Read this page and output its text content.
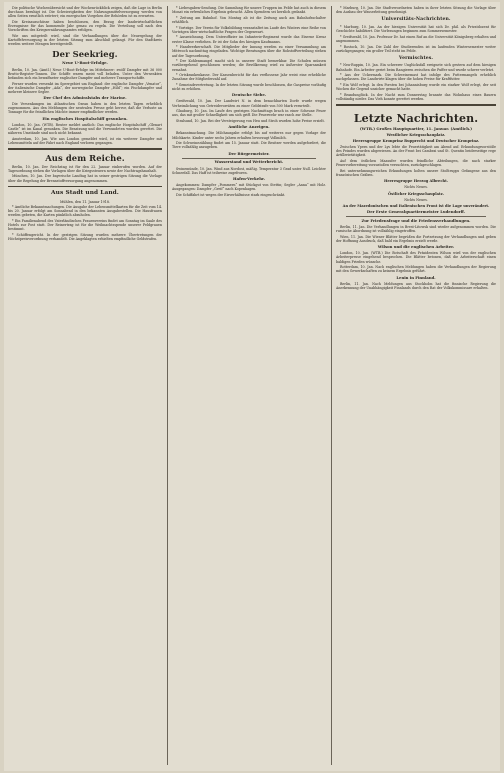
Die politische Wochenübersicht und der Wochenrückblick zeigen, daß die Lage in Berlin durchaus beruhigt ist. Die Schwierigkeiten der Nahrungsmittelversorgung werden von allen Seiten ernstlich erörtert; ein energisches Vorgehen der Behörden ist zu erwarten.

Die Kreisausschüsse haben beschlossen, den Bezug der landwirtschaftlichen Erzeugnisse für das kommende Jahr genau zu regeln. Die Verteilung soll nach den Vorschriften des Kriegsernährungsamtes erfolgen.

Wie uns mitgeteilt wird, sind die Verhandlungen über die Neuregelung der Kartoffelversorgung in der letzten Sitzung zum Abschluß gelangt. Für den Stadtkreis werden weitere Mengen bereitgestellt.

Der Seekrieg.
Neue U-Boot-Erfolge.

Berlin, 10. Jan. (Amtl.) Neue U-Boot-Erfolge im Mittelmeer: zwölf Dampfer mit 36 000 Brutto-Register-Tonnen. Die Schiffe waren meist voll beladen. Unter den Versenkten befanden sich ein bewaffneter englischer Dampfer und mehrere Transportschiffe.

Ferner wurden versenkt im Sperrgebiet um England: der englische Dampfer „Venator“, der italienische Dampfer „Ada“, der norwegische Dampfer „Hild“; ein Fischdampfer und mehrere kleinere Segler.

Der Chef des Admiralstabs der Marine.

Die Versenkungen im Atlantischen Ozean haben in den letzten Tagen erheblich zugenommen. Aus den Meldungen der neutralen Presse geht hervor, daß die Verluste an Tonnage für die feindlichen Mächte immer empfindlicher werden.

Ein englisches Hospitalschiff gesunken.

London, 10. Jan. (WTB). Reuter meldet amtlich: Das englische Hospitalschiff „Glenart Castle“ ist im Kanal gesunken. Die Besatzung und die Verwundeten wurden gerettet. Die näheren Umstände sind noch nicht bekannt.

Amsterdam, 10. Jan. Wie aus London gemeldet wird, ist ein weiterer Dampfer mit Lebensmitteln auf der Fahrt nach England verloren gegangen.

Aus dem Reiche.

Berlin, 10. Jan. Der Reichstag ist für den 22. Januar einberufen worden. Auf der Tagesordnung stehen die Vorlagen über die Kriegssteuern sowie der Nachtragshaushalt.

München, 10. Jan. Der bayerische Landtag hat in seiner gestrigen Sitzung die Vorlage über die Regelung der Brennstoffversorgung angenommen.

Aus Stadt und Land.
Mühlen, den 11. Januar 1918.

* Amtliche Bekanntmachungen. Die Ausgabe der Lebensmittelkarten für die Zeit vom 14. bis 20. Januar erfolgt am Sonnabend in den bekannten Ausgabestellen. Die Hausfrauen werden gebeten, die Karten pünktlich abzuholen.

* Ein Familienabend des Vaterländischen Frauenvereins findet am Sonntag im Saale des Hotels zur Post statt. Der Reinertrag ist für die Weihnachtsspende unserer Feldgrauen bestimmt.

* Schöffengericht. In der gestrigen Sitzung wurden mehrere Übertretungen der Höchstpreisverordnung verhandelt. Die Angeklagten erhielten empfindliche Geldstrafen.

* Liebesgaben-Sendung. Die Sammlung für unsere Truppen im Felde hat auch in diesem Monat ein erfreuliches Ergebnis gebracht. Allen Spendern sei herzlich gedankt.

* Zeitung am Bahnhof. Von Montag ab ist die Zeitung auch am Bahnhofsschalter erhältlich.

* Vorträge. Der Verein für Volksbildung veranstaltet im Laufe des Winters eine Reihe von Vorträgen über wirtschaftliche Fragen der Gegenwart.

* Auszeichnung. Dem Unteroffizier im Infanterie-Regiment wurde das Eiserne Kreuz erster Klasse verliehen. Er ist der Sohn des hiesigen Kaufmanns.

* Handwerkerschaft. Die Mitglieder der Innung werden zu einer Versammlung am Mittwoch nachmittag eingeladen. Wichtige Beratungen über die Rohstoffverteilung stehen auf der Tagesordnung.

* Der Kohlenmangel macht sich in unserer Stadt bemerkbar. Die Schulen müssen vorübergehend geschlossen werden; die Bevölkerung wird zu äußerster Sparsamkeit ermahnt.

* Ortskrankenkasse. Der Kassenbericht für das verflossene Jahr weist eine erhebliche Zunahme der Mitgliederzahl auf.

* Gemeindevertretung. In der letzten Sitzung wurde beschlossen, die Gaspreise vorläufig nicht zu erhöhen.

Deutsche Siebe.

Greifswald, 10. Jan. Der Landwirt N. in dem benachbarten Dorfe wurde wegen Verheimlichung von Getreidevorräten zu einer Geldstrafe von 500 Mark verurteilt.

Glauburg, 10. Jan. Im Laufe des gestrigen Nachmittags brach in einer Scheune Feuer aus, das mit großer Schnelligkeit um sich griff. Die Feuerwehr war rasch zur Stelle.

Stralsund, 10. Jan. Bei der Versteigerung von Heu und Stroh wurden hohe Preise erzielt.

Amtliche Anzeigen.

Bekanntmachung. Die Milchausgabe erfolgt bis auf weiteres nur gegen Vorlage der Milchkarte. Kinder unter sechs Jahren erhalten bevorzugt Vollmilch.

Die Schweinezählung findet am 15. Januar statt. Die Besitzer werden aufgefordert, die Tiere vollzählig anzugeben.

Der Bürgermeister.

Wasserstand und Wetterbericht.

Swinemünde, 10. Jan. Wind aus Nordost, mäßig. Temperatur 3 Grad unter Null. Leichter Schneefall. Das Haff ist teilweise zugefroren.

Hafen-Verkehr.

Angekommen: Dampfer „Pommern“ mit Stückgut von Stettin; Segler „Anna“ mit Holz. Ausgegangen: Dampfer „Greif“ nach Kopenhagen.

Die Schiffahrt ist wegen der Eisverhältnisse stark eingeschränkt.

* Marburg, 10. Jan. Die Stadtverordneten haben in ihrer letzten Sitzung die Vorlage über den Ausbau der Wasserleitung genehmigt.

Universitäts-Nachrichten.

* Marburg, 10. Jan. An der hiesigen Universität hat sich Dr. phil. als Privatdozent für Geschichte habilitiert. Die Vorlesungen beginnen zum Sommersemester.

* Greifswald, 10. Jan. Professor Dr. hat einen Ruf an die Universität Königsberg erhalten und angenommen.

* Rostock, 10. Jan. Die Zahl der Studierenden ist im laufenden Wintersemester weiter zurückgegangen; ein großer Teil steht im Felde.

Vermischtes.

* Neu-Ruppin, 10. Jan. Ein schwerer Unglücksfall ereignete sich gestern auf dem hiesigen Bahnhofe. Ein Arbeiter geriet beim Rangieren zwischen die Puffer und wurde schwer verletzt.

* Aus der Uckermark. Die Schweinemast hat infolge des Futtermangels erheblich nachgelassen. Die Landwirte klagen über die hohen Preise für Kraftfutter.

* Ein Wolf erlegt. In den Forsten bei Johannisburg wurde ein starker Wolf erlegt, der seit Wochen die Gegend unsicher gemacht hatte.

* Brandunglück. In der Nacht zum Donnerstag brannte das Wohnhaus eines Bauern vollständig nieder. Das Vieh konnte gerettet werden.

Letzte Nachrichten.
(WTB.) Großes Hauptquartier, 11. Januar. (Amtlich.)
Westlicher Kriegsschauplatz.
Heeresgruppe Kronprinz Rupprecht und Deutscher Kronprinz.

Zwischen Ypern und der Lys lebte die Feuertätigkeit am Abend auf. Erkundungsvorstöße des Feindes wurden abgewiesen. An der Front bei Cambrai und St. Quentin beiderseitige rege Artillerietätigkeit.

Auf dem östlichen Maasufer wurden feindliche Abteilungen, die nach starker Feuervorbereitung vorzustoßen versuchten, zurückgeschlagen.

Bei unternehmungsreichen Erkundungen holten unsere Stoßtrupps Gefangene aus den französischen Gräben.

Heeresgruppe Herzog Albrecht.
Nichts Neues.
Östlicher Kriegsschauplatz.
Nichts Neues.
An der Mazedonischen und Italienischen Front ist die Lage unverändert.
Der Erste Generalquartiermeister Ludendorff.
Zur Friedensfrage und die Friedensverhandlungen.

Berlin, 11. Jan. Die Verhandlungen in Brest-Litowsk sind wieder aufgenommen worden. Die russische Abordnung ist vollzählig eingetroffen.

Wien, 11. Jan. Die Wiener Blätter begrüßen die Fortsetzung der Verhandlungen und geben der Hoffnung Ausdruck, daß bald ein Ergebnis erzielt werde.

Wilson und die englischen Arbeiter.

London, 10. Jan. (WTB.) Die Botschaft des Präsidenten Wilson wird von der englischen Arbeiterpresse eingehend besprochen. Die Blätter betonen, daß die Arbeiterschaft einen baldigen Frieden wünsche.

Rotterdam, 10. Jan. Nach englischen Meldungen haben die Verhandlungen der Regierung mit den Gewerkschaften zu keinem Ergebnis geführt.

Lenin in Finnland.

Berlin, 11. Jan. Nach Meldungen aus Stockholm hat die finnische Regierung die Anerkennung der Unabhängigkeit Finnlands durch den Rat der Volkskommissare erhalten.
